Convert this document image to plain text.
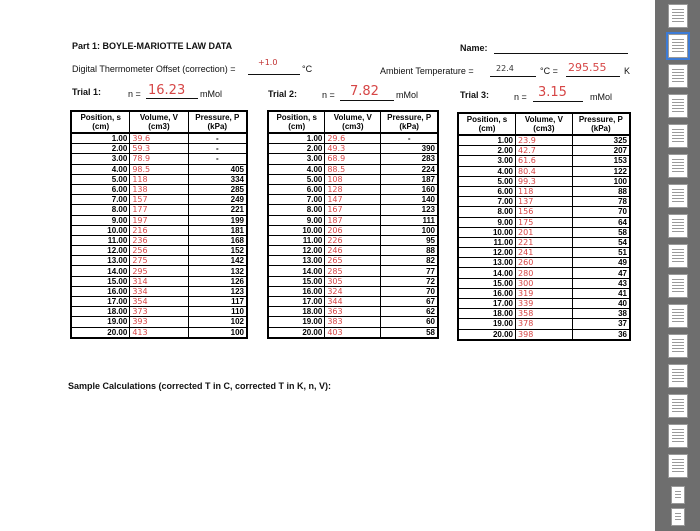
Part 1: BOYLE-MARIOTTE LAW DATA	Name:
Digital Thermometer Offset (correction) =
+1.0
°C	Ambient Temperature =	22.4	°C = 295.55 K
Trial 1:	n = 16.23 mMol	Trial 2:	n = 7.82 mMol	Trial 3:	n = 3.15	mMol
Position, s (cm)	Volume, V (cm3)	Pressure, P (kPa)
1.00	39.6	-
2.00	59.3	-
3.00	78.9	-
4.00	98.5	405
5.00	118	334
6.00	138	285
7.00	157	249
8.00	177	221
9.00	197	199
10.00	216	181
11.00	236	168
12.00	256	152
13.00	275	142
14.00	295	132
15.00	314	126
16.00	334	123
17.00	354	117
18.00	373	110
19.00	393	102
20.00	413	100
Position, s (cm)	Volume, V (cm3)	Pressure, P (kPa)
1.00	29.6	-
2.00	49.3	390
3.00	68.9	283
4.00	88.5	224
5.00	108	187
6.00	128	160
7.00	147	140
8.00	167	123
9.00	187	111
10.00	206	100
11.00	226	95
12.00	246	88
13.00	265	82
14.00	285	77
15.00	305	72
16.00	324	70
17.00	344	67
18.00	363	62
19.00	383	60
20.00	403	58
Position, s (cm)	Volume, V (cm3)	Pressure, P (kPa)
1.00	23.9	325
2.00	42.7	207
3.00	61.6	153
4.00	80.4	122
5.00	99.3	100
6.00	118	88
7.00	137	78
8.00	156	70
9.00	175	64
10.00	201	58
11.00	221	54
12.00	241	51
13.00	260	49
14.00	280	47
15.00	300	43
16.00	319	41
17.00	339	40
18.00	358	38
19.00	378	37
20.00	398	36
Sample Calculations (corrected T in C, corrected T in K, n, V):
